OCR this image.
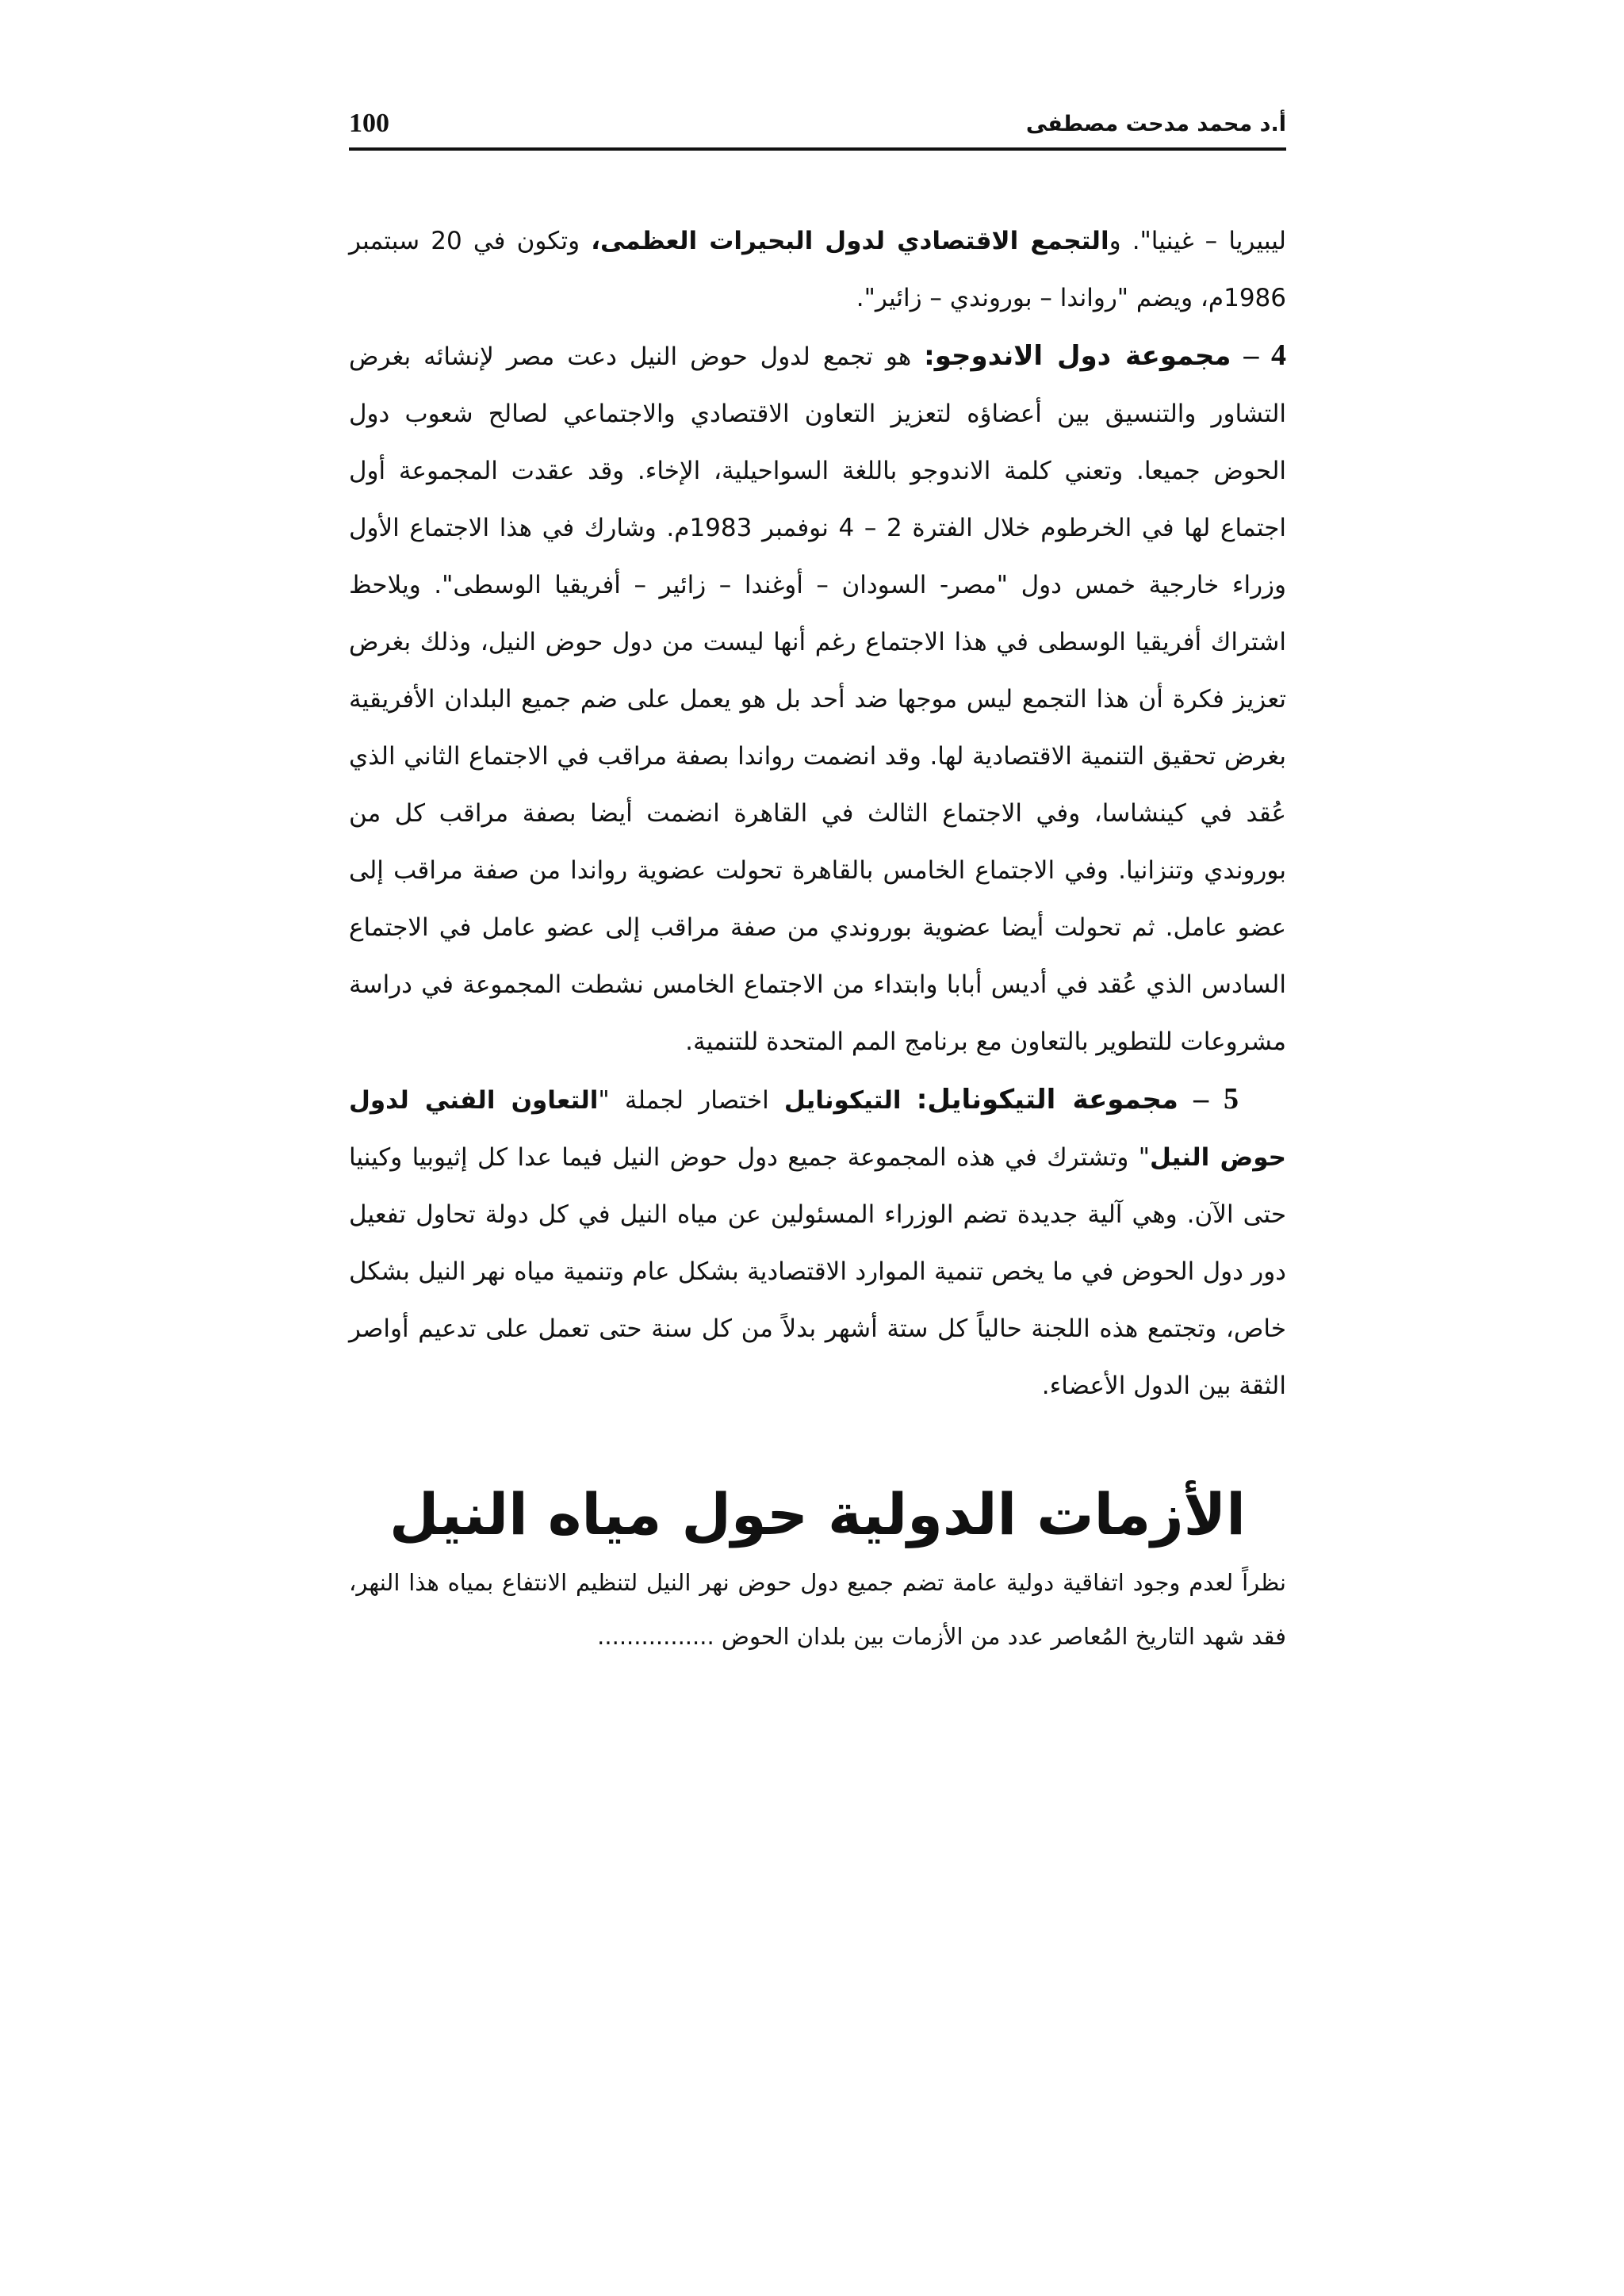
100	أ.د محمد مدحت مصطفى

ليبيريا – غينيا". والتجمع الاقتصادي لدول البحيرات العظمى، وتكون في 20 سبتمبر 1986م، ويضم "رواندا – بوروندي – زائير".

4 – مجموعة دول الاندوجو: هو تجمع لدول حوض النيل دعت مصر لإنشائه بغرض التشاور والتنسيق بين أعضاؤه لتعزيز التعاون الاقتصادي والاجتماعي لصالح شعوب دول الحوض جميعا. وتعني كلمة الاندوجو باللغة السواحيلية، الإخاء. وقد عقدت المجموعة أول اجتماع لها في الخرطوم خلال الفترة 2 – 4 نوفمبر 1983م. وشارك في هذا الاجتماع الأول وزراء خارجية خمس دول "مصر- السودان – أوغندا – زائير – أفريقيا الوسطى". ويلاحظ اشتراك أفريقيا الوسطى في هذا الاجتماع رغم أنها ليست من دول حوض النيل، وذلك بغرض تعزيز فكرة أن هذا التجمع ليس موجها ضد أحد بل هو يعمل على ضم جميع البلدان الأفريقية بغرض تحقيق التنمية الاقتصادية لها. وقد انضمت رواندا بصفة مراقب في الاجتماع الثاني الذي عُقد في كينشاسا، وفي الاجتماع الثالث في القاهرة انضمت أيضا بصفة مراقب كل من بوروندي وتنزانيا. وفي الاجتماع الخامس بالقاهرة تحولت عضوية رواندا من صفة مراقب إلى عضو عامل. ثم تحولت أيضا عضوية بوروندي من صفة مراقب إلى عضو عامل في الاجتماع السادس الذي عُقد في أديس أبابا وابتداء من الاجتماع الخامس نشطت المجموعة في دراسة مشروعات للتطوير بالتعاون مع برنامج المم المتحدة للتنمية.

5 – مجموعة التيكونايل: التيكونايل اختصار لجملة "التعاون الفني لدول حوض النيل" وتشترك في هذه المجموعة جميع دول حوض النيل فيما عدا كل إثيوبيا وكينيا حتى الآن. وهي آلية جديدة تضم الوزراء المسئولين عن مياه النيل في كل دولة تحاول تفعيل دور دول الحوض في ما يخص تنمية الموارد الاقتصادية بشكل عام وتنمية مياه نهر النيل بشكل خاص، وتجتمع هذه اللجنة حالياً كل ستة أشهر بدلاً من كل سنة حتى تعمل على تدعيم أواصر الثقة بين الدول الأعضاء.

الأزمات الدولية حول مياه النيل

نظراً لعدم وجود اتفاقية دولية عامة تضم جميع دول حوض نهر النيل لتنظيم الانتفاع بمياه هذا النهر، فقد شهد التاريخ المُعاصر عدد من الأزمات بين بلدان الحوض ................
